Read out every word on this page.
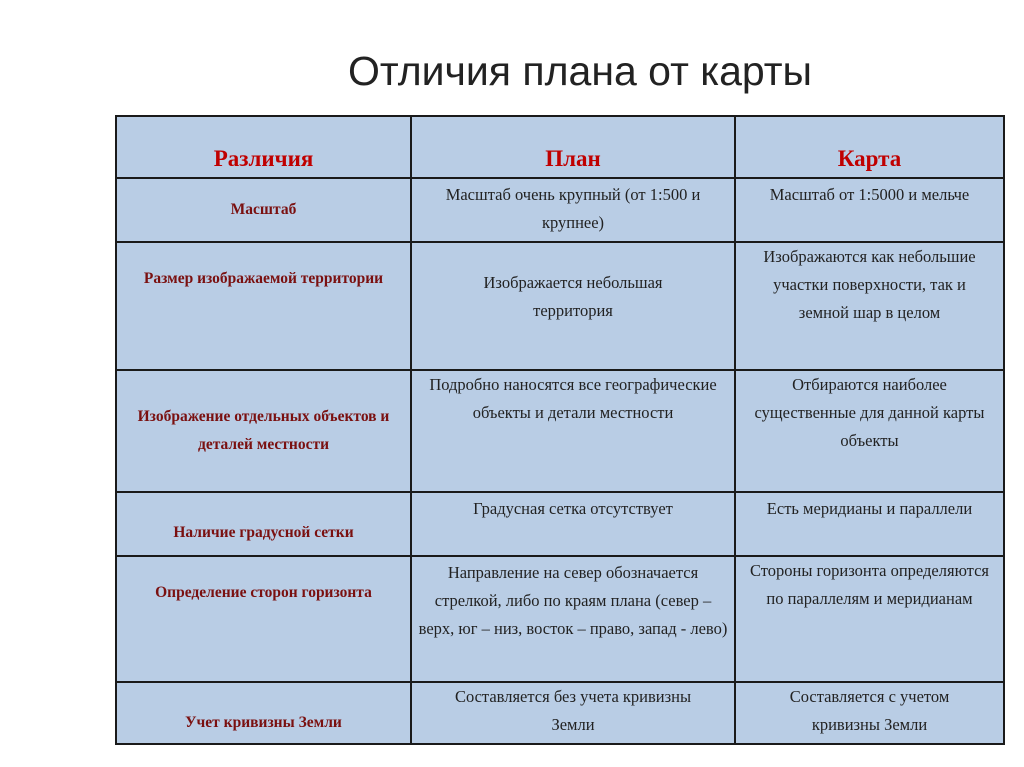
Отличия плана от карты
Различия	План	Карта
Масштаб	Масштаб очень крупный (от 1:500 и крупнее)	Масштаб от 1:5000 и мельче
Размер изображаемой территории	Изображается небольшая территория	Изображаются как небольшие участки поверхности, так и земной шар в целом
Изображение отдельных объектов и деталей местности	Подробно наносятся все географические объекты и детали местности	Отбираются наиболее существенные для данной карты объекты
Наличие градусной сетки	Градусная сетка отсутствует	Есть меридианы и параллели
Определение сторон горизонта	Направление на север обозначается стрелкой, либо по краям плана (север – верх, юг – низ, восток – право, запад - лево)	Стороны горизонта определяются по параллелям и меридианам
Учет кривизны Земли	Составляется без учета кривизны Земли	Составляется с учетом кривизны Земли
